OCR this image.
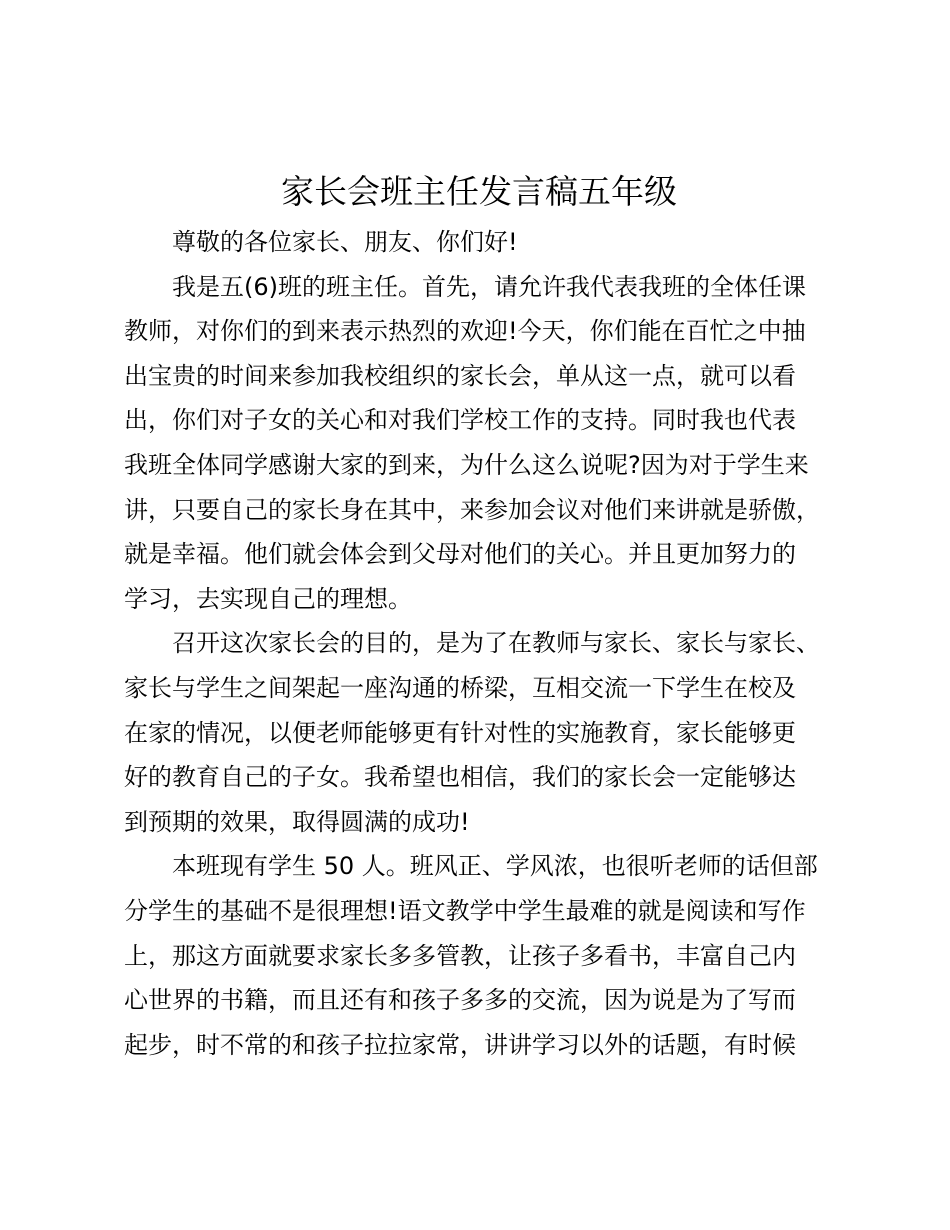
家长会班主任发言稿五年级
尊敬的各位家长、朋友、你们好!
我是五(6)班的班主任。首先，请允许我代表我班的全体任课
教师，对你们的到来表示热烈的欢迎!今天，你们能在百忙之中抽
出宝贵的时间来参加我校组织的家长会，单从这一点，就可以看
出，你们对子女的关心和对我们学校工作的支持。同时我也代表
我班全体同学感谢大家的到来，为什么这么说呢?因为对于学生来
讲，只要自己的家长身在其中，来参加会议对他们来讲就是骄傲，
就是幸福。他们就会体会到父母对他们的关心。并且更加努力的
学习，去实现自己的理想。
召开这次家长会的目的，是为了在教师与家长、家长与家长、
家长与学生之间架起一座沟通的桥梁，互相交流一下学生在校及
在家的情况，以便老师能够更有针对性的实施教育，家长能够更
好的教育自己的子女。我希望也相信，我们的家长会一定能够达
到预期的效果，取得圆满的成功!
本班现有学生 50 人。班风正、学风浓，也很听老师的话但部
分学生的基础不是很理想!语文教学中学生最难的就是阅读和写作
上，那这方面就要求家长多多管教，让孩子多看书，丰富自己内
心世界的书籍，而且还有和孩子多多的交流，因为说是为了写而
起步，时不常的和孩子拉拉家常，讲讲学习以外的话题，有时候
